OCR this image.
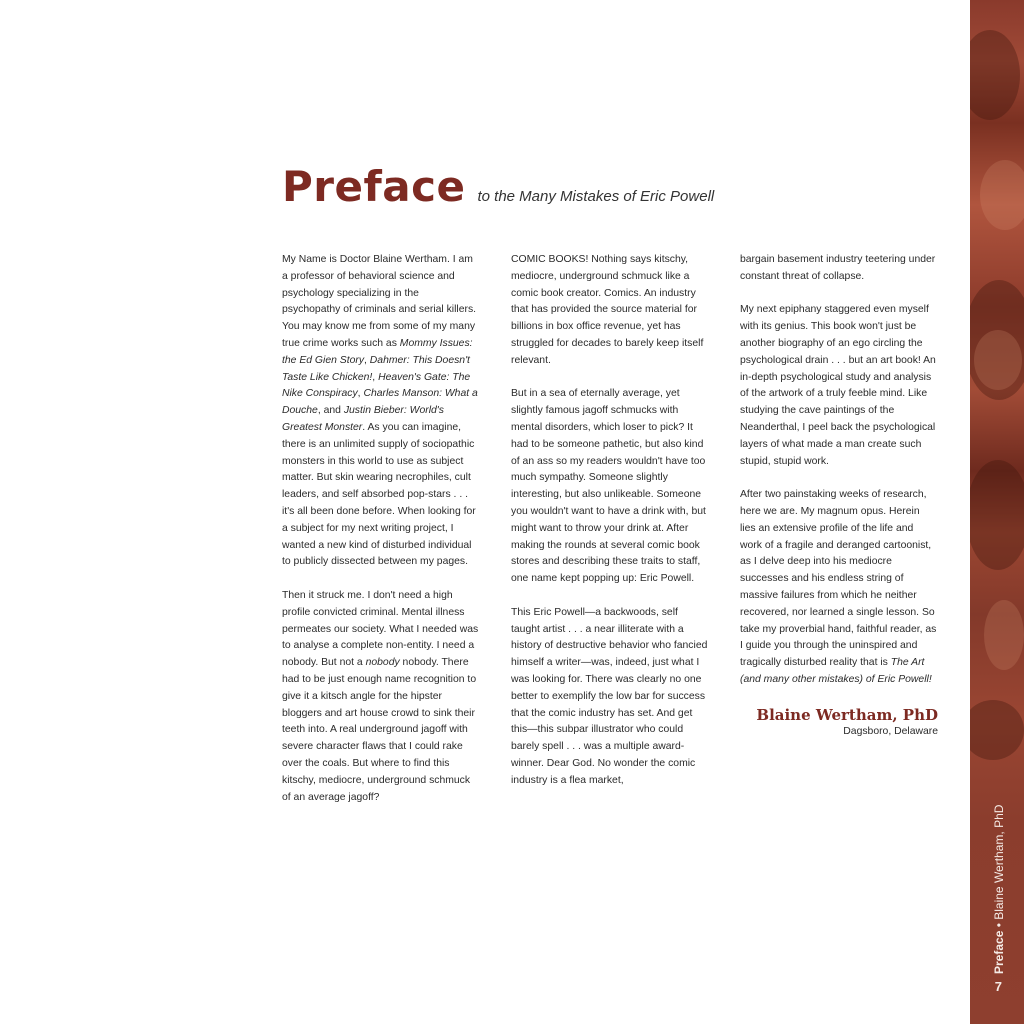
Preface • Blaine Wertham, PhD
7
Preface to the Many Mistakes of Eric Powell

My Name is Doctor Blaine Wertham. I am a professor of behavioral science and psychology specializing in the psychopathy of criminals and serial killers. You may know me from some of my many true crime works such as Mommy Issues: the Ed Gien Story, Dahmer: This Doesn't Taste Like Chicken!, Heaven's Gate: The Nike Conspiracy, Charles Manson: What a Douche, and Justin Bieber: World's Greatest Monster. As you can imagine, there is an unlimited supply of sociopathic monsters in this world to use as subject matter. But skin wearing necrophiles, cult leaders, and self absorbed pop-stars . . . it's all been done before. When looking for a subject for my next writing project, I wanted a new kind of disturbed individual to publicly dissected between my pages.

Then it struck me. I don't need a high profile convicted criminal. Mental illness permeates our society. What I needed was to analyse a complete non-entity. I need a nobody. But not a nobody nobody. There had to be just enough name recognition to give it a kitsch angle for the hipster bloggers and art house crowd to sink their teeth into. A real underground jagoff with severe character flaws that I could rake over the coals. But where to find this kitschy, mediocre, underground schmuck of an average jagoff?

COMIC BOOKS! Nothing says kitschy, mediocre, underground schmuck like a comic book creator. Comics. An industry that has provided the source material for billions in box office revenue, yet has struggled for decades to barely keep itself relevant.

But in a sea of eternally average, yet slightly famous jagoff schmucks with mental disorders, which loser to pick? It had to be someone pathetic, but also kind of an ass so my readers wouldn't have too much sympathy. Someone slightly interesting, but also unlikeable. Someone you wouldn't want to have a drink with, but might want to throw your drink at. After making the rounds at several comic book stores and describing these traits to staff, one name kept popping up: Eric Powell.

This Eric Powell—a backwoods, self taught artist . . . a near illiterate with a history of destructive behavior who fancied himself a writer—was, indeed, just what I was looking for. There was clearly no one better to exemplify the low bar for success that the comic industry has set. And get this—this subpar illustrator who could barely spell . . . was a multiple award-winner. Dear God. No wonder the comic industry is a flea market,

bargain basement industry teetering under constant threat of collapse.

My next epiphany staggered even myself with its genius. This book won't just be another biography of an ego circling the psychological drain . . . but an art book! An in-depth psychological study and analysis of the artwork of a truly feeble mind. Like studying the cave paintings of the Neanderthal, I peel back the psychological layers of what made a man create such stupid, stupid work.

After two painstaking weeks of research, here we are. My magnum opus. Herein lies an extensive profile of the life and work of a fragile and deranged cartoonist, as I delve deep into his mediocre successes and his endless string of massive failures from which he neither recovered, nor learned a single lesson. So take my proverbial hand, faithful reader, as I guide you through the uninspired and tragically disturbed reality that is The Art (and many other mistakes) of Eric Powell!

Blaine Wertham, PhD
Dagsboro, Delaware
